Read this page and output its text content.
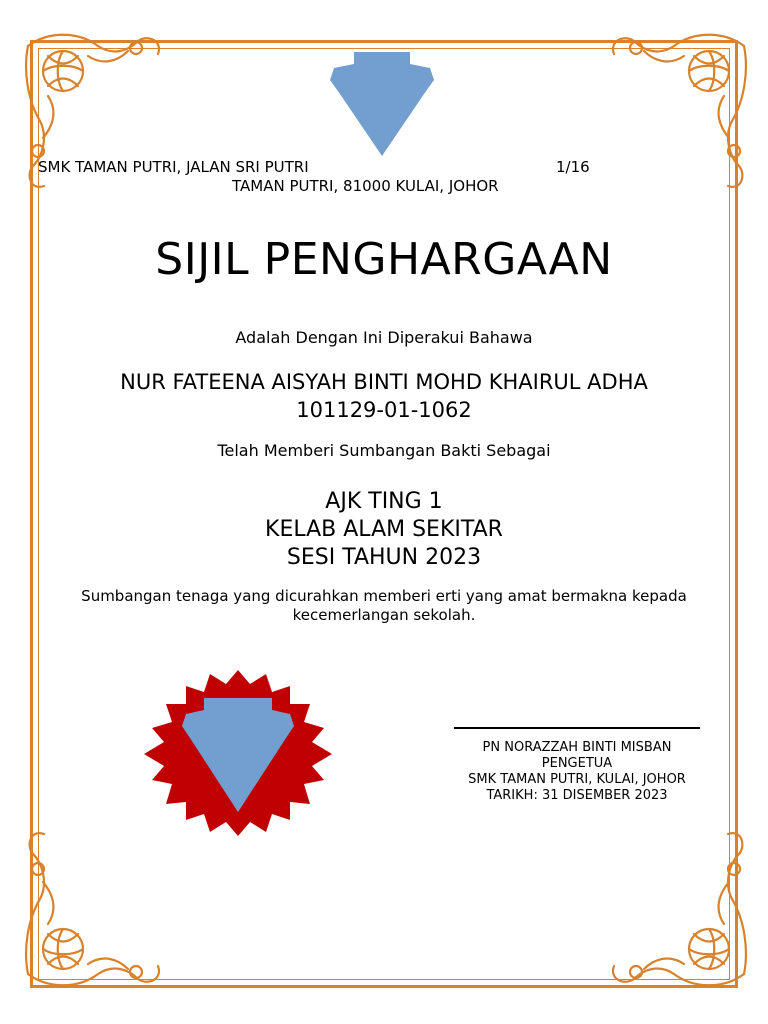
SMK TAMAN PUTRI, JALAN SRI PUTRI	1/16
TAMAN PUTRI, 81000 KULAI, JOHOR
SIJIL PENGHARGAAN
Adalah Dengan Ini Diperakui Bahawa
NUR FATEENA AISYAH BINTI MOHD KHAIRUL ADHA
101129-01-1062
Telah Memberi Sumbangan Bakti Sebagai
AJK TING 1
KELAB ALAM SEKITAR
SESI TAHUN 2023
Sumbangan tenaga yang dicurahkan memberi erti yang amat bermakna kepada kecemerlangan sekolah.
PN NORAZZAH BINTI MISBAN
PENGETUA
SMK TAMAN PUTRI, KULAI, JOHOR
TARIKH: 31 DISEMBER 2023
